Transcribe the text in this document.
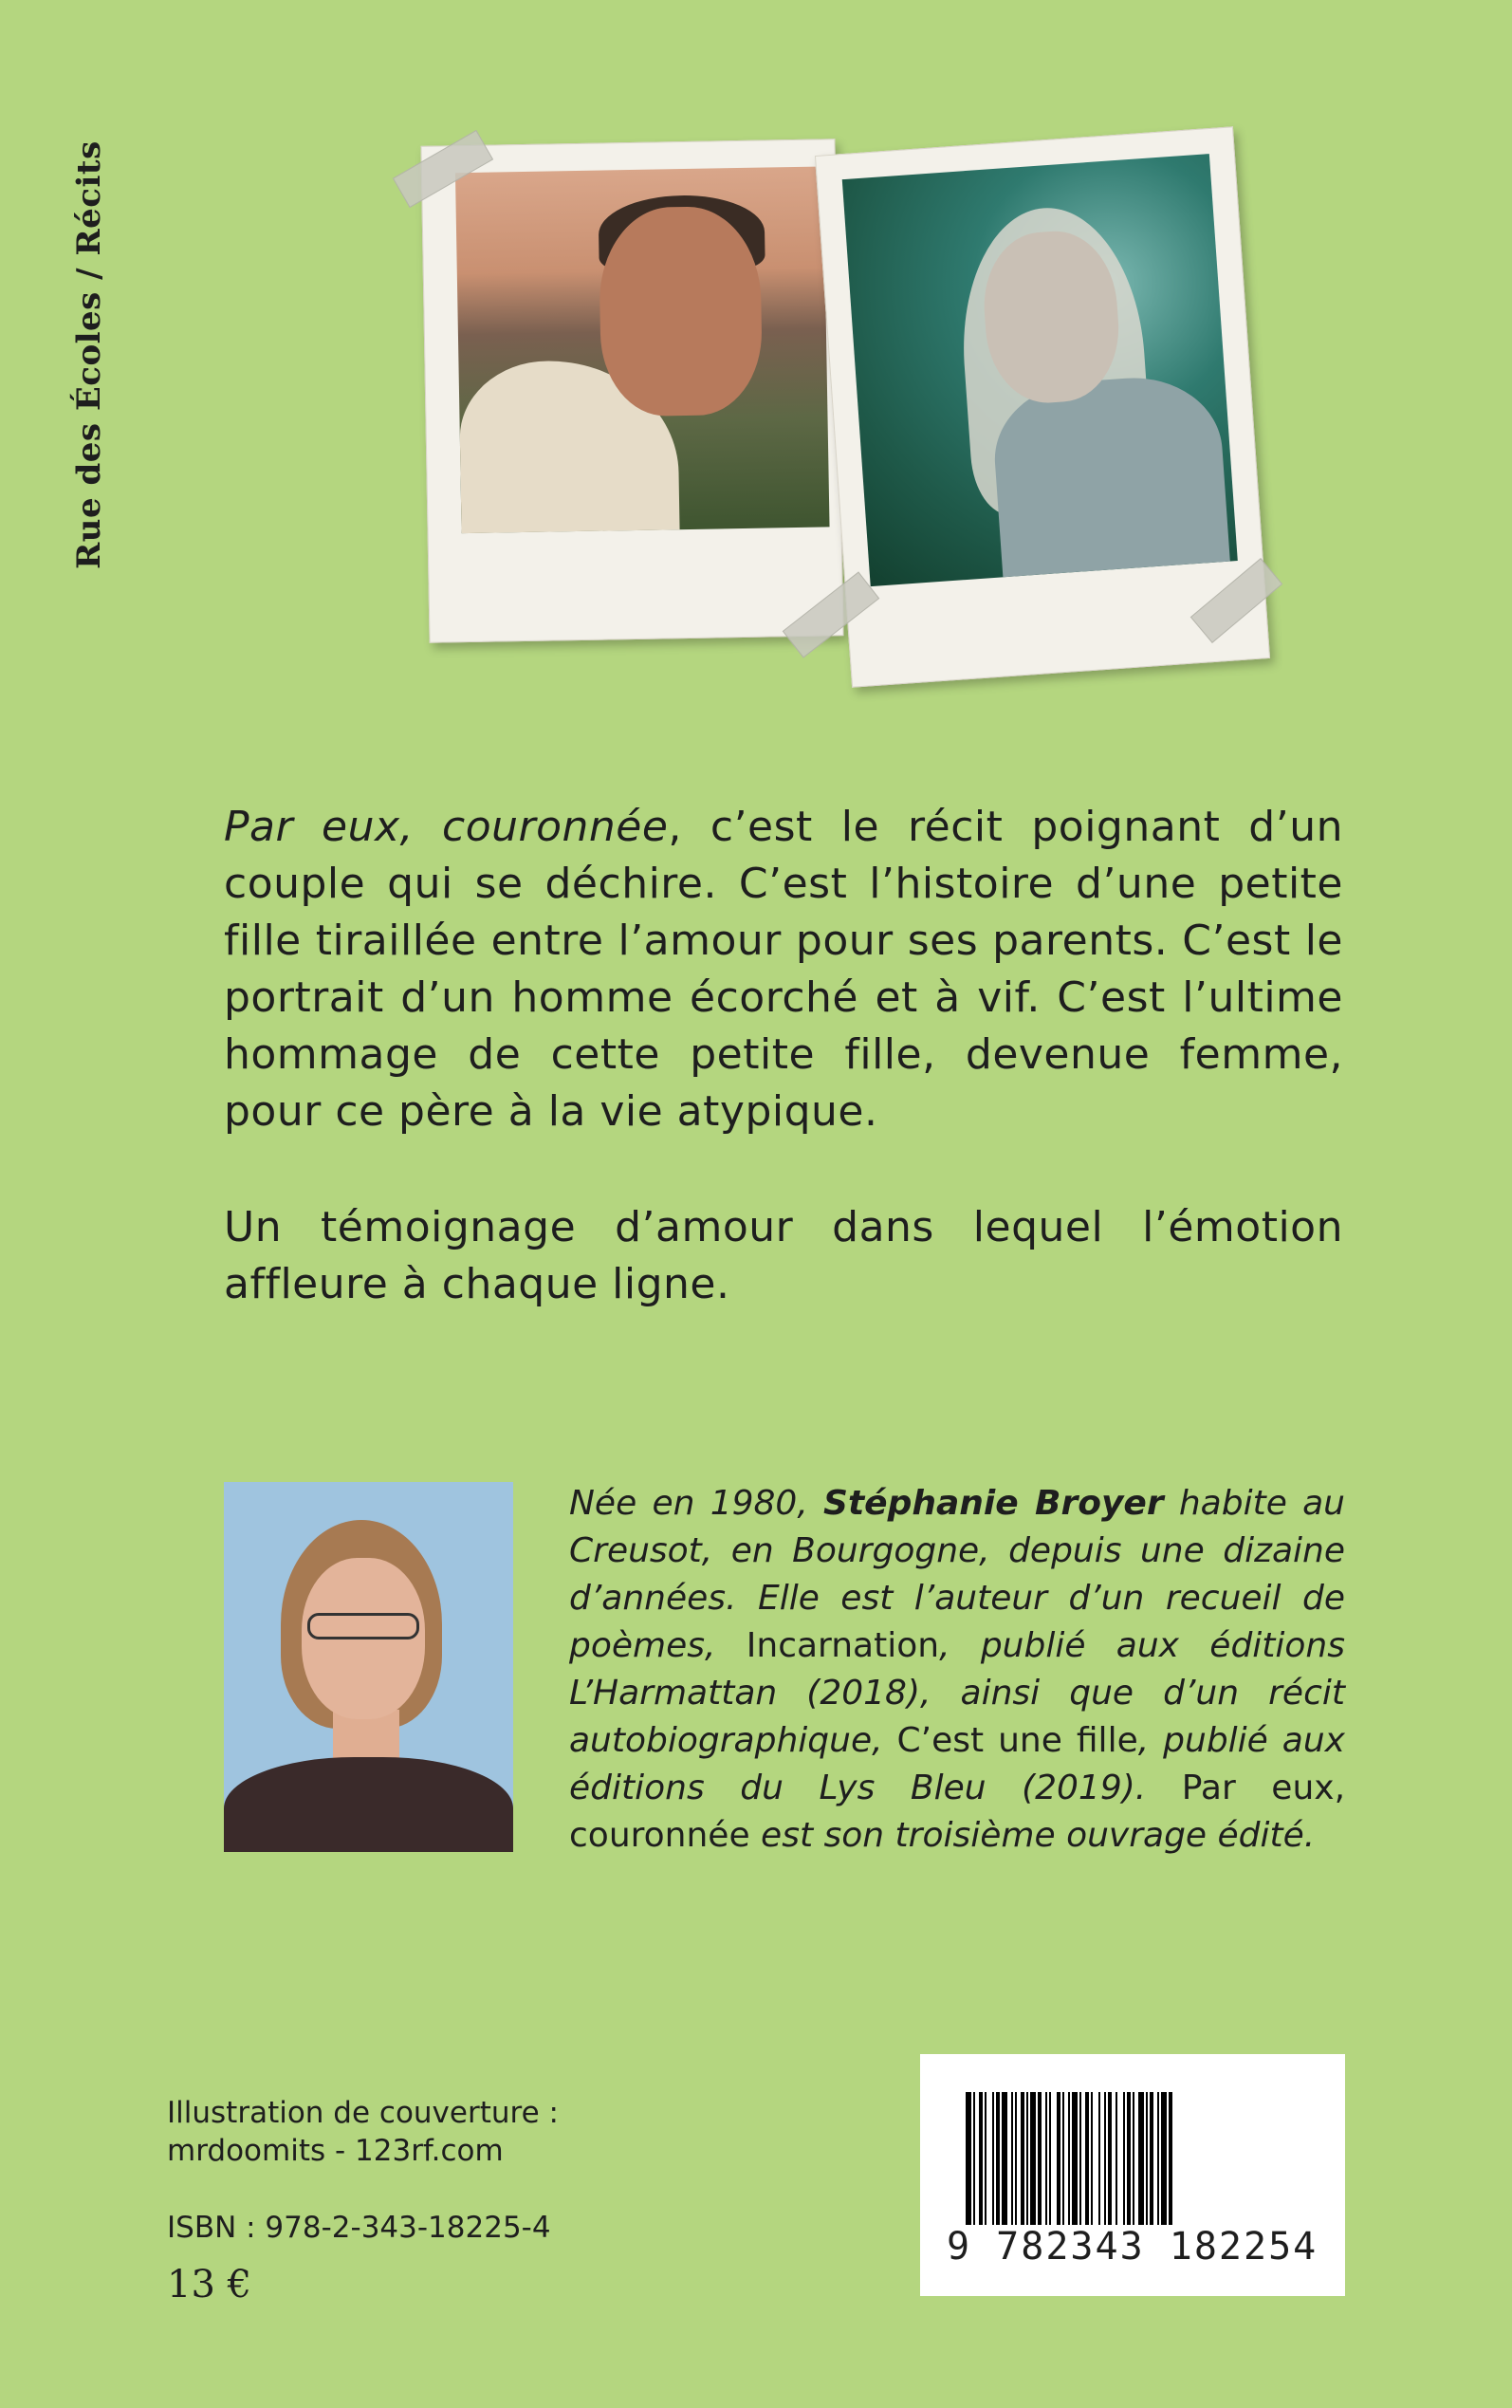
Rue des Écoles / Récits

Par eux, couronnée, c’est le récit poignant d’un couple qui se déchire. C’est l’histoire d’une petite fille tiraillée entre l’amour pour ses parents. C’est le portrait d’un homme écorché et à vif. C’est l’ultime hommage de cette petite fille, devenue femme, pour ce père à la vie atypique.

Un témoignage d’amour dans lequel l’émotion affleure à chaque ligne.

Née en 1980, Stéphanie Broyer habite au Creusot, en Bourgogne, depuis une dizaine d’années. Elle est l’auteur d’un recueil de poèmes, Incarnation, publié aux éditions L’Harmattan (2018), ainsi que d’un récit autobiographique, C’est une fille, publié aux éditions du Lys Bleu (2019). Par eux, couronnée est son troisième ouvrage édité.
Illustration de couverture :
mrdoomits - 123rf.com
ISBN : 978-2-343-18225-4
13 €
9 782343 182254
